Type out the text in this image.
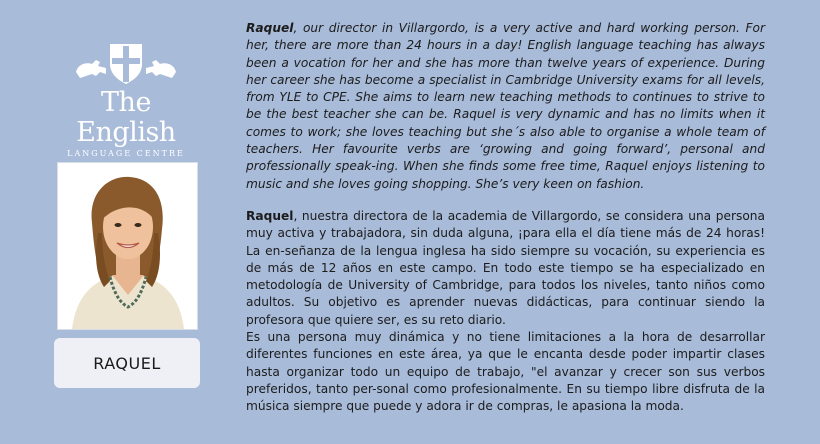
The English
LANGUAGE CENTRE
RAQUEL

Raquel, our director in Villargordo, is a very active and hard working person. For her, there are more than 24 hours in a day! English language teaching has always been a vocation for her and she has more than twelve years of experience. During her career she has become a specialist in Cambridge University exams for all levels, from YLE to CPE. She aims to learn new teaching methods to continues to strive to be the best teacher she can be. Raquel is very dynamic and has no limits when it comes to work; she loves teaching but she´s also able to organise a whole team of teachers. Her favourite verbs are ‘growing and going forward’, personal and professionally speak-ing. When she finds some free time, Raquel enjoys listening to music and she loves going shopping. She’s very keen on fashion.

Raquel, nuestra directora de la academia de Villargordo, se considera una persona muy activa y trabajadora, sin duda alguna, ¡para ella el día tiene más de 24 horas! La en-señanza de la lengua inglesa ha sido siempre su vocación, su experiencia es de más de 12 años en este campo. En todo este tiempo se ha especializado en metodología de University of Cambridge, para todos los niveles, tanto niños como adultos. Su objetivo es aprender nuevas didácticas, para continuar siendo la profesora que quiere ser, es su reto diario.

Es una persona muy dinámica y no tiene limitaciones a la hora de desarrollar diferentes funciones en este área, ya que le encanta desde poder impartir clases hasta organizar todo un equipo de trabajo, "el avanzar y crecer son sus verbos preferidos, tanto per-sonal como profesionalmente. En su tiempo libre disfruta de la música siempre que puede y adora ir de compras, le apasiona la moda.
